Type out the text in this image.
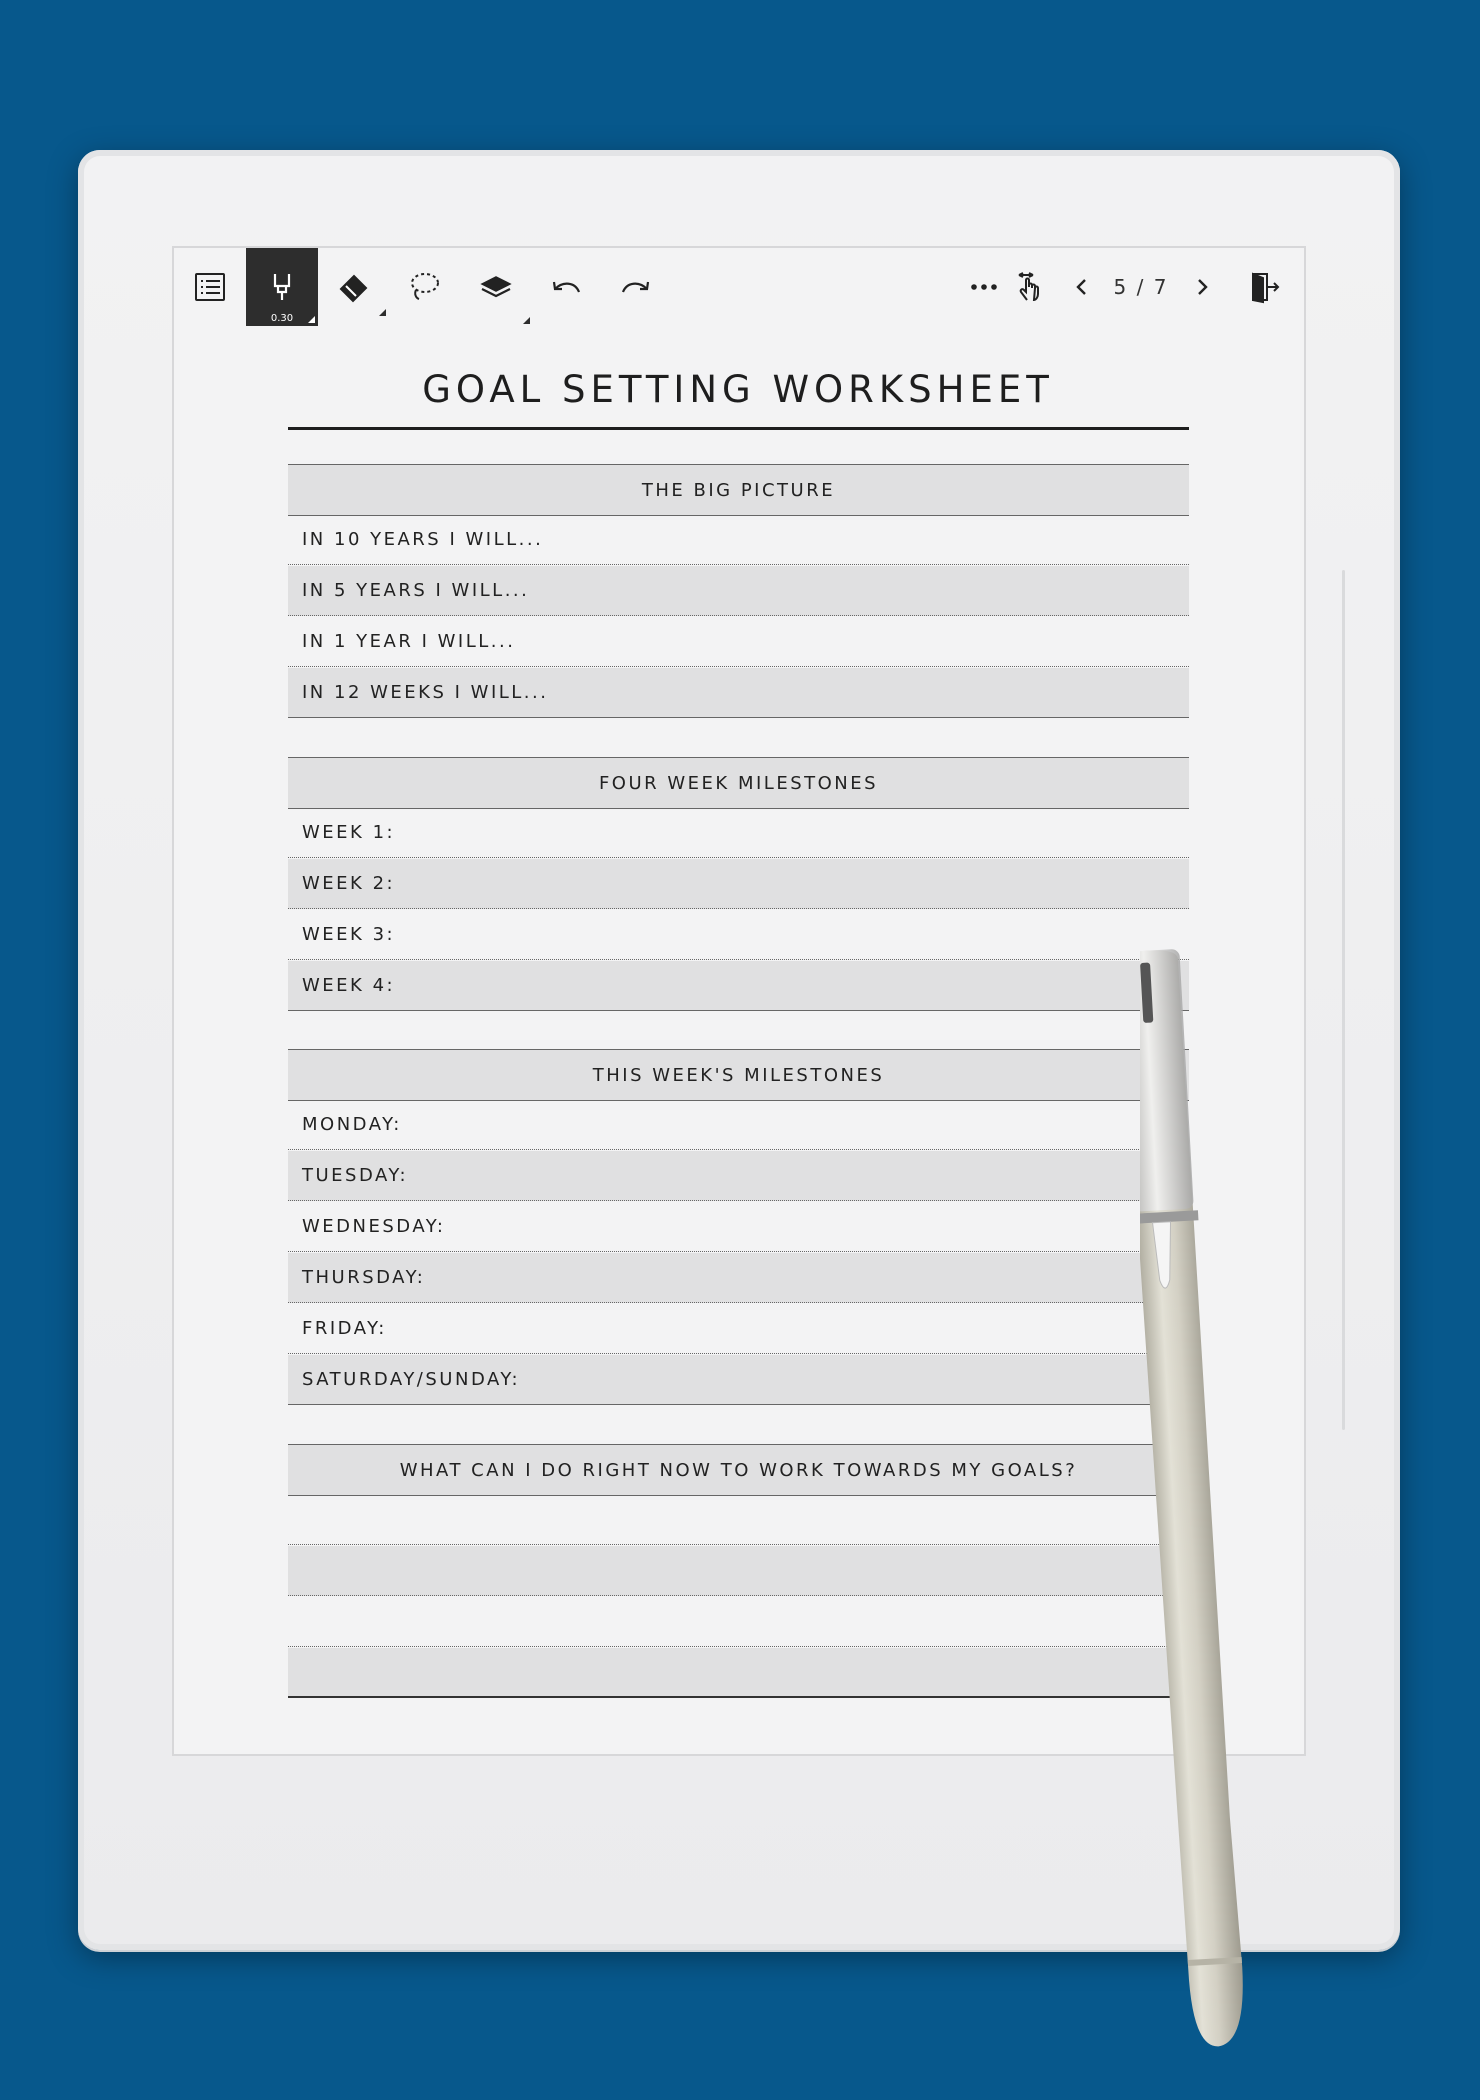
0.30
5 / 7
GOAL SETTING WORKSHEET
THE BIG PICTURE
IN 10 YEARS I WILL...
IN 5 YEARS I WILL...
IN 1 YEAR I WILL...
IN 12 WEEKS I WILL...
FOUR WEEK MILESTONES
WEEK 1:
WEEK 2:
WEEK 3:
WEEK 4:
THIS WEEK'S MILESTONES
MONDAY:
TUESDAY:
WEDNESDAY:
THURSDAY:
FRIDAY:
SATURDAY/SUNDAY:
WHAT CAN I DO RIGHT NOW TO WORK TOWARDS MY GOALS?
